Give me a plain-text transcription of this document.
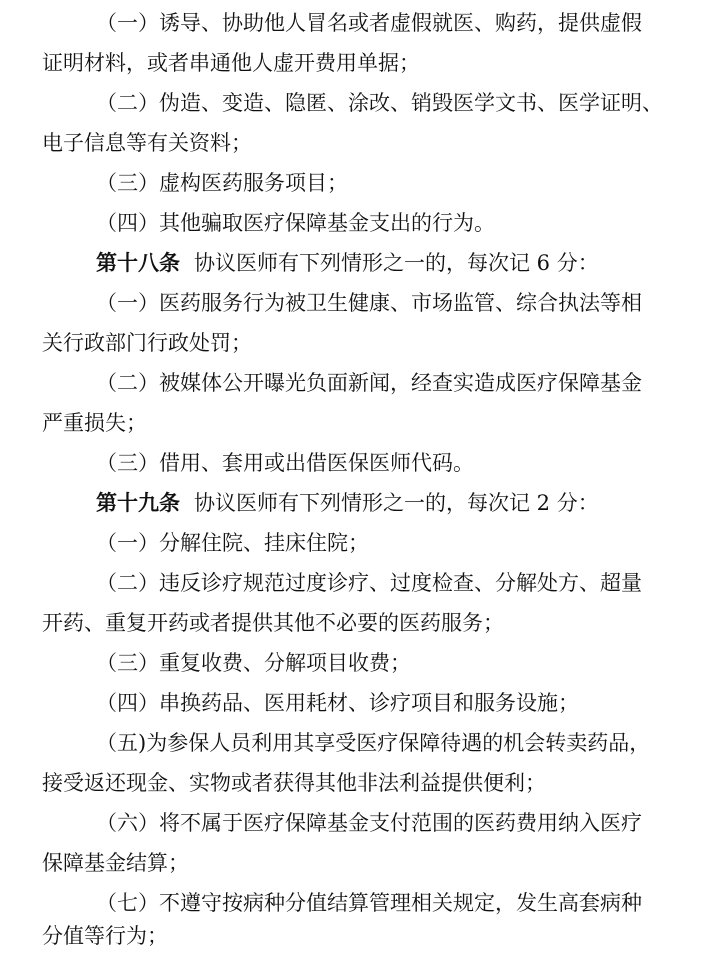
（一）诱导、协助他人冒名或者虚假就医、购药，提供虚假
证明材料，或者串通他人虚开费用单据；
（二）伪造、变造、隐匿、涂改、销毁医学文书、医学证明、
电子信息等有关资料；
（三）虚构医药服务项目；
（四）其他骗取医疗保障基金支出的行为。
第十八条 协议医师有下列情形之一的，每次记 6 分：
（一）医药服务行为被卫生健康、市场监管、综合执法等相
关行政部门行政处罚；
（二）被媒体公开曝光负面新闻，经查实造成医疗保障基金
严重损失；
（三）借用、套用或出借医保医师代码。
第十九条 协议医师有下列情形之一的，每次记 2 分：
（一）分解住院、挂床住院；
（二）违反诊疗规范过度诊疗、过度检查、分解处方、超量
开药、重复开药或者提供其他不必要的医药服务；
（三）重复收费、分解项目收费；
（四）串换药品、医用耗材、诊疗项目和服务设施；
（五)为参保人员利用其享受医疗保障待遇的机会转卖药品，
接受返还现金、实物或者获得其他非法利益提供便利；
（六）将不属于医疗保障基金支付范围的医药费用纳入医疗
保障基金结算；
（七）不遵守按病种分值结算管理相关规定，发生高套病种
分值等行为；
